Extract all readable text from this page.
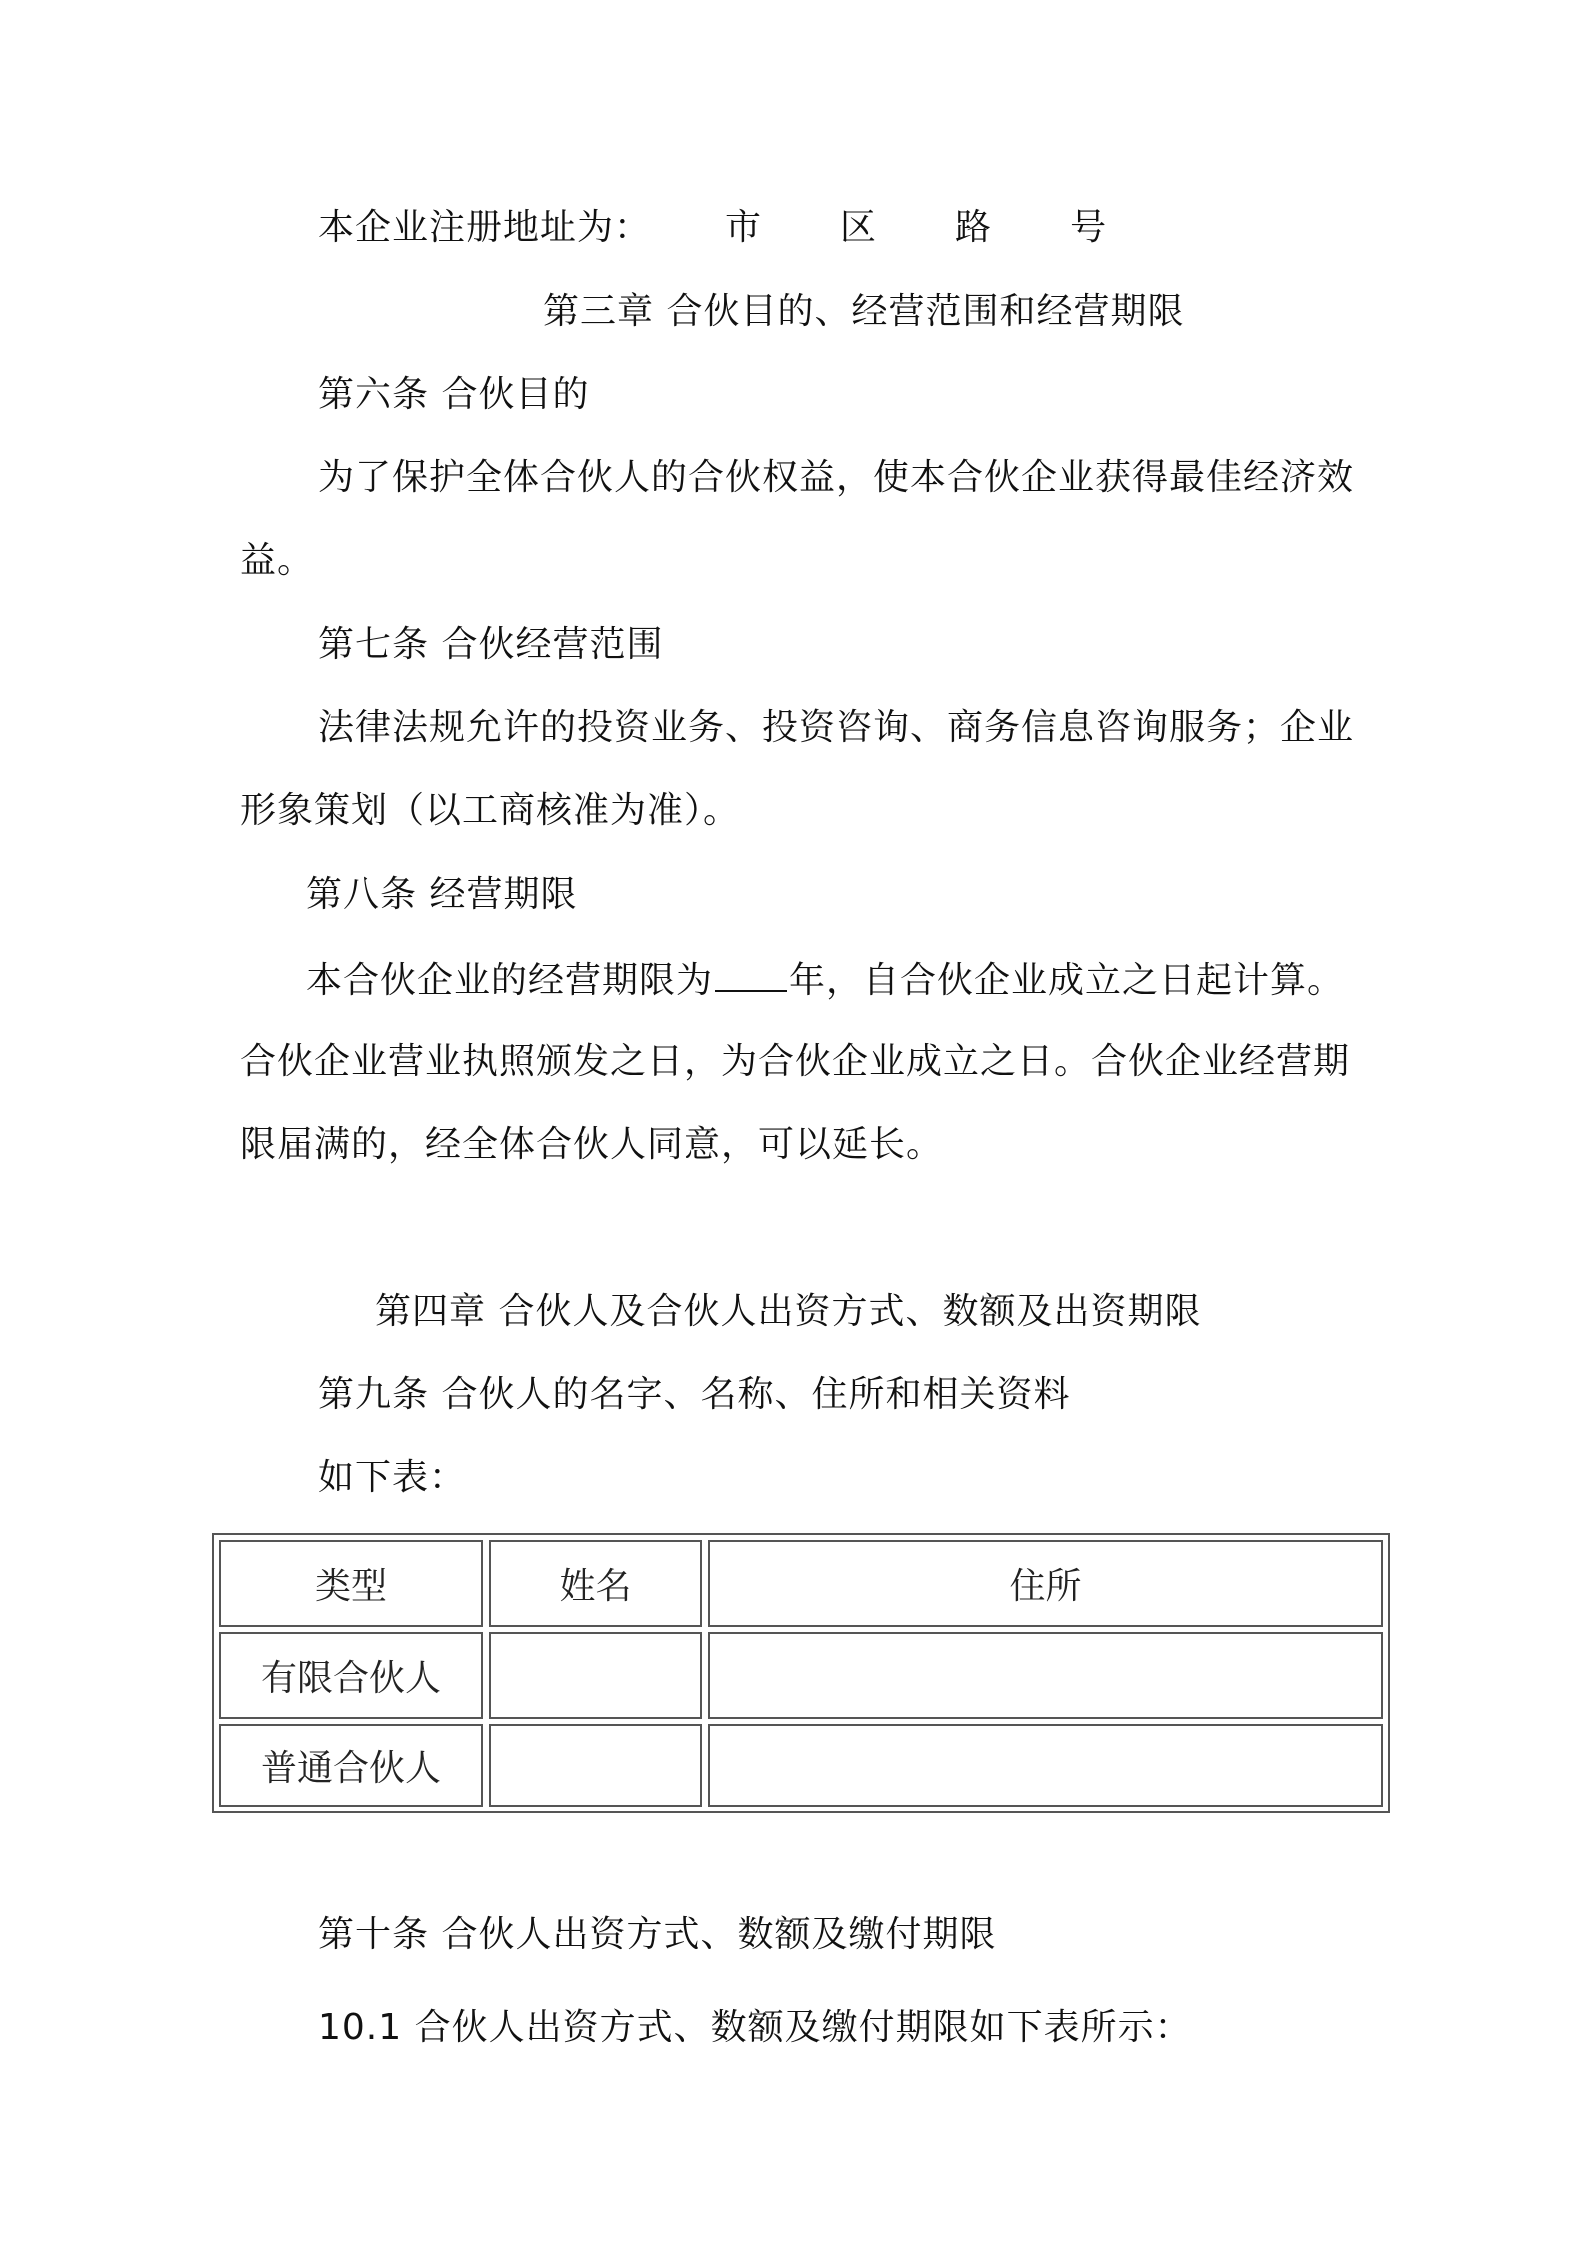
本企业注册地址为： 市 区 路 号
第三章 合伙目的、经营范围和经营期限
第六条 合伙目的
为了保护全体合伙人的合伙权益，使本合伙企业获得最佳经济效
益。
第七条 合伙经营范围
法律法规允许的投资业务、投资咨询、商务信息咨询服务；企业
形象策划（以工商核准为准）。
第八条 经营期限
本合伙企业的经营期限为 年，自合伙企业成立之日起计算。
合伙企业营业执照颁发之日，为合伙企业成立之日。合伙企业经营期
限届满的，经全体合伙人同意，可以延长。
第四章 合伙人及合伙人出资方式、数额及出资期限
第九条 合伙人的名字、名称、住所和相关资料
如下表：
类型	姓名	住所
有限合伙人
普通合伙人
第十条 合伙人出资方式、数额及缴付期限
10.1 合伙人出资方式、数额及缴付期限如下表所示：
